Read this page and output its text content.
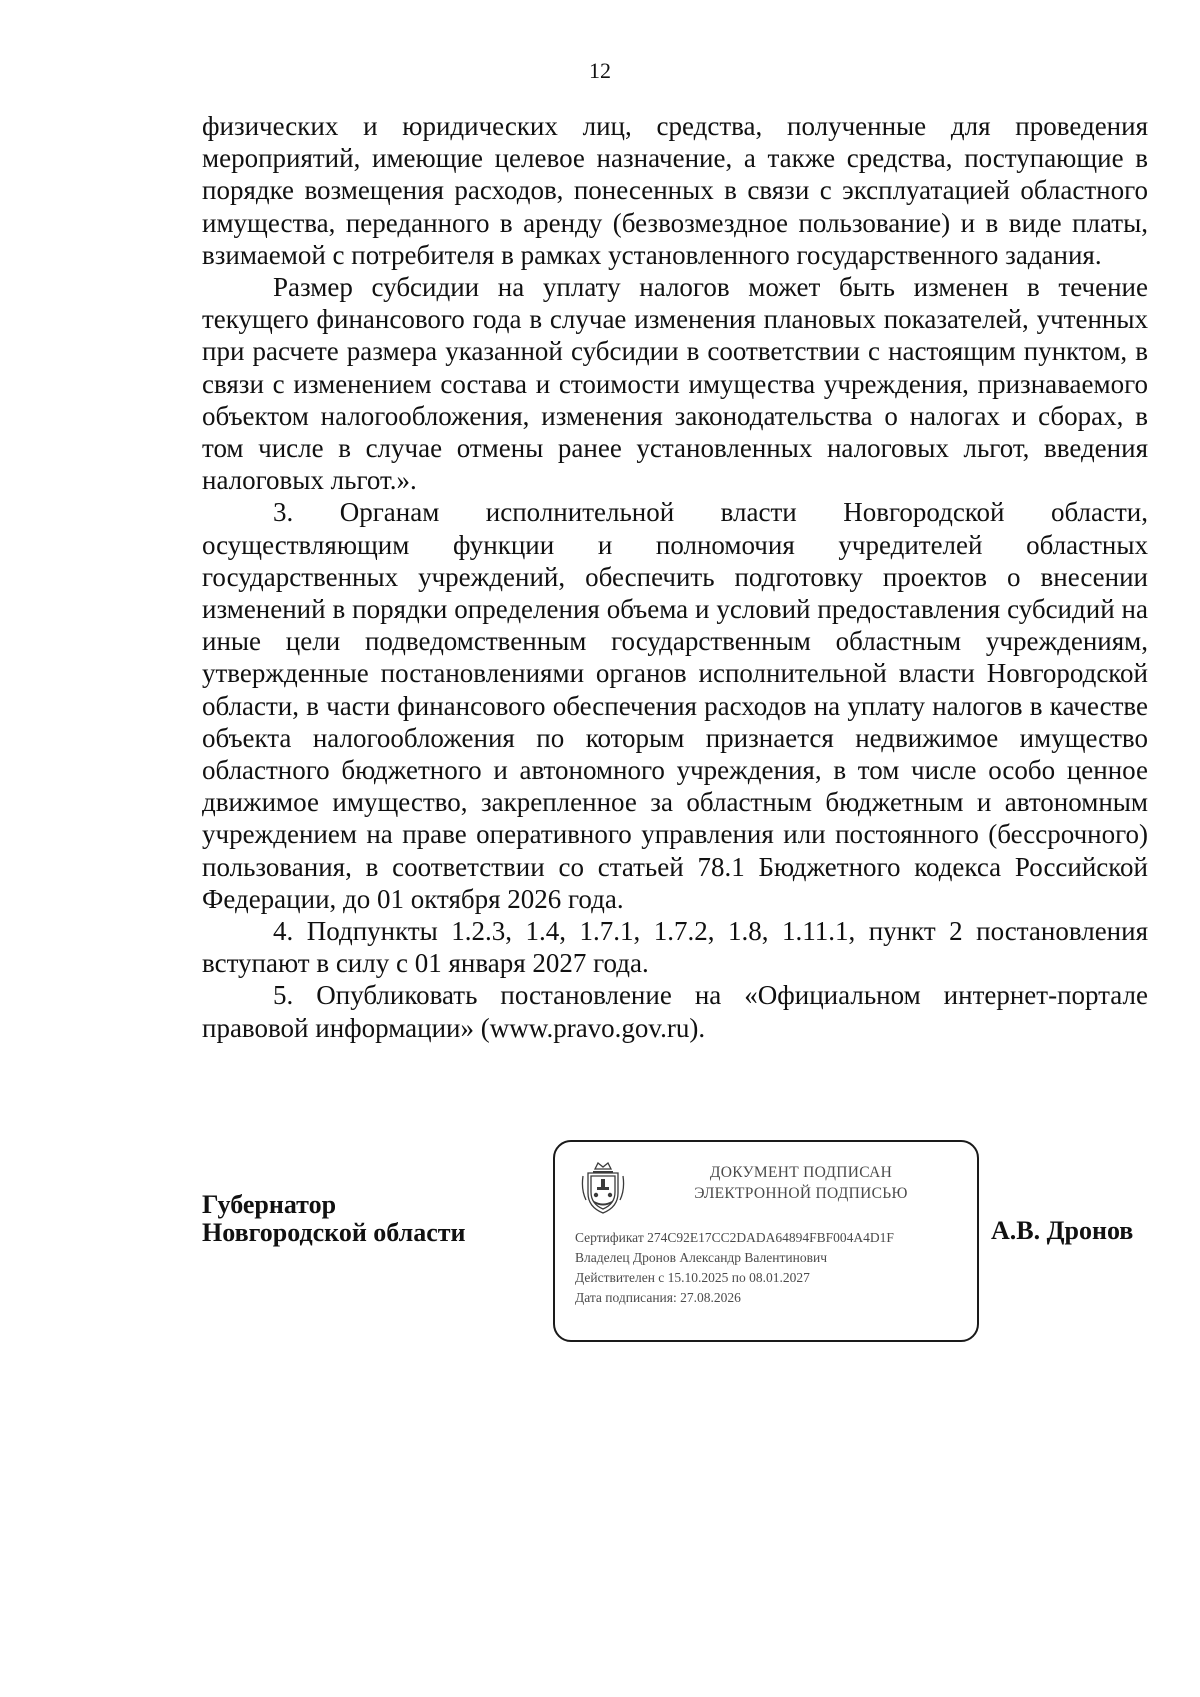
12

физических и юридических лиц, средства, полученные для проведения мероприятий, имеющие целевое назначение, а также средства, поступающие в порядке возмещения расходов, понесенных в связи с эксплуатацией областного имущества, переданного в аренду (безвозмездное пользование) и в виде платы, взимаемой с потребителя в рамках установленного государственного задания.

Размер субсидии на уплату налогов может быть изменен в течение текущего финансового года в случае изменения плановых показателей, учтенных при расчете размера указанной субсидии в соответствии с настоящим пунктом, в связи с изменением состава и стоимости имущества учреждения, признаваемого объектом налогообложения, изменения законодательства о налогах и сборах, в том числе в случае отмены ранее установленных налоговых льгот, введения налоговых льгот.».

3. Органам исполнительной власти Новгородской области, осуществляющим функции и полномочия учредителей областных государственных учреждений, обеспечить подготовку проектов о внесении изменений в порядки определения объема и условий предоставления субсидий на иные цели подведомственным государственным областным учреждениям, утвержденные постановлениями органов исполнительной власти Новгородской области, в части финансового обеспечения расходов на уплату налогов в качестве объекта налогообложения по которым признается недвижимое имущество областного бюджетного и автономного учреждения, в том числе особо ценное движимое имущество, закрепленное за областным бюджетным и автономным учреждением на праве оперативного управления или постоянного (бессрочного) пользования, в соответствии со статьей 78.1 Бюджетного кодекса Российской Федерации, до 01 октября 2026 года.

4. Подпункты 1.2.3, 1.4, 1.7.1, 1.7.2, 1.8, 1.11.1, пункт 2 постановления вступают в силу с 01 января 2027 года.

5. Опубликовать постановление на «Официальном интернет-портале правовой информации» (www.pravo.gov.ru).

Губернатор
Новгородской области
ДОКУМЕНТ ПОДПИСАН
ЭЛЕКТРОННОЙ ПОДПИСЬЮ
Сертификат 274C92E17CC2DADA64894FBF004A4D1F
Владелец Дронов Александр Валентинович
Действителен с 15.10.2025 по 08.01.2027
Дата подписания: 27.08.2026
А.В. Дронов
